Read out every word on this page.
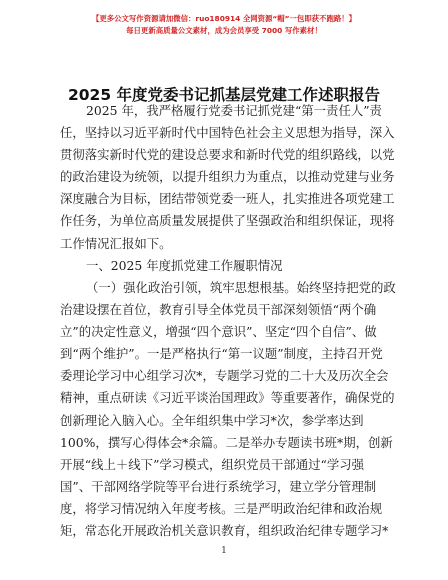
【更多公文写作资源请加微信：ruo180914 全网资源“帽”一包即获不跑路！】
每日更新高质量公文素材，成为会员享受 7000 写作素材！
2025 年度党委书记抓基层党建工作述职报告
2025 年，我严格履行党委书记抓党建“第一责任人”责
任，坚持以习近平新时代中国特色社会主义思想为指导，深入
贯彻落实新时代党的建设总要求和新时代党的组织路线，以党
的政治建设为统领，以提升组织力为重点，以推动党建与业务
深度融合为目标，团结带领党委一班人，扎实推进各项党建工
作任务，为单位高质量发展提供了坚强政治和组织保证，现将
工作情况汇报如下。
一、2025 年度抓党建工作履职情况
（一）强化政治引领，筑牢思想根基。始终坚持把党的政
治建设摆在首位，教育引导全体党员干部深刻领悟“两个确
立”的决定性意义，增强“四个意识”、坚定“四个自信”、做
到“两个维护”。一是严格执行“第一议题”制度，主持召开党
委理论学习中心组学习次*，专题学习党的二十大及历次全会
精神，重点研读《习近平谈治国理政》等重要著作，确保党的
创新理论入脑入心。全年组织集中学习*次，参学率达到
100%，撰写心得体会*余篇。二是举办专题读书班*期，创新
开展“线上＋线下”学习模式，组织党员干部通过“学习强
国”、干部网络学院等平台进行系统学习，建立学分管理制
度，将学习情况纳入年度考核。三是严明政治纪律和政治规
矩，常态化开展政治机关意识教育，组织政治纪律专题学习*
1
